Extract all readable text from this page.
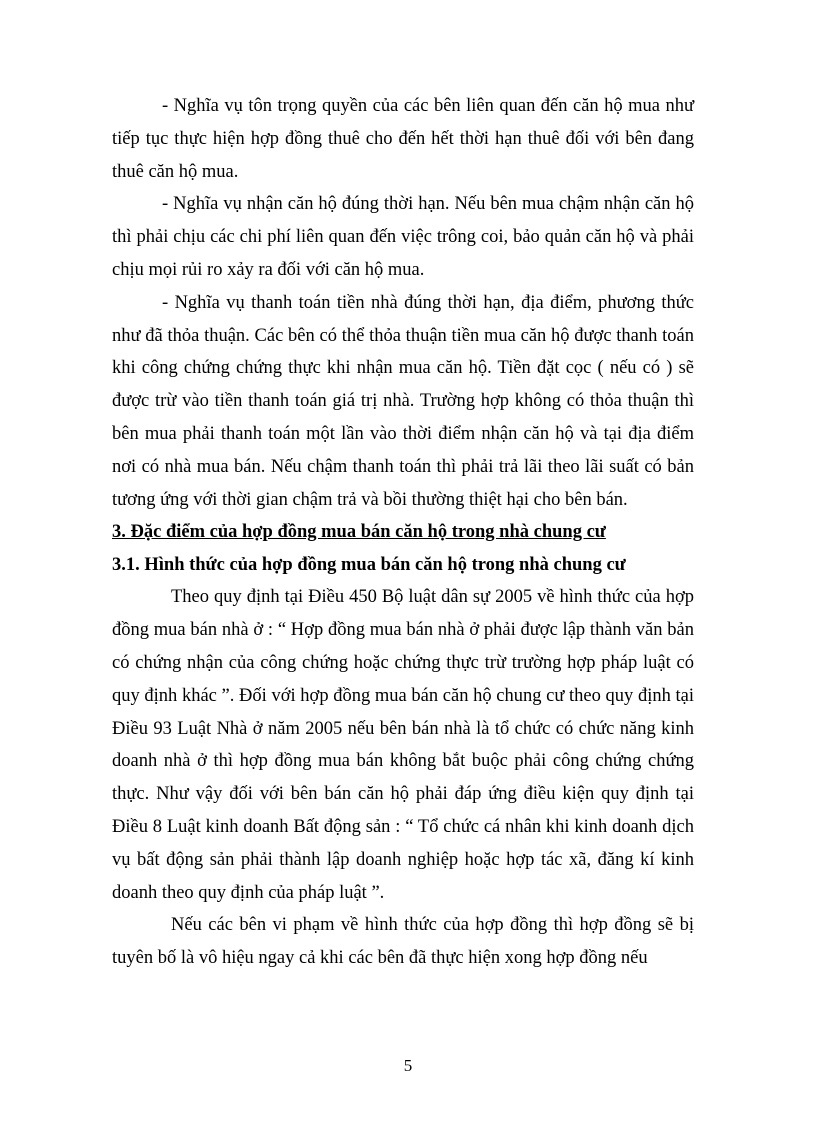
- Nghĩa vụ tôn trọng quyền của các bên liên quan đến căn hộ mua như tiếp tục thực hiện hợp đồng thuê cho đến hết thời hạn thuê đối với bên đang thuê căn hộ mua.

- Nghĩa vụ nhận căn hộ đúng thời hạn. Nếu bên mua chậm nhận căn hộ thì phải chịu các chi phí liên quan đến việc trông coi, bảo quản căn hộ và phải chịu mọi rủi ro xảy ra đối với căn hộ mua.

- Nghĩa vụ thanh toán tiền nhà đúng thời hạn, địa điểm, phương thức như đã thỏa thuận. Các bên có thể thỏa thuận tiền mua căn hộ được thanh toán khi công chứng chứng thực khi nhận mua căn hộ. Tiền đặt cọc ( nếu có ) sẽ được trừ vào tiền thanh toán giá trị nhà. Trường hợp không có thỏa thuận thì bên mua phải thanh toán một lần vào thời điểm nhận căn hộ và tại địa điểm nơi có nhà mua bán. Nếu chậm thanh toán thì phải trả lãi theo lãi suất có bản tương ứng với thời gian chậm trả và bồi thường thiệt hại cho bên bán.

3. Đặc điểm của hợp đồng mua bán căn hộ trong nhà chung cư
3.1. Hình thức của hợp đồng mua bán căn hộ trong nhà chung cư

Theo quy định tại Điều 450 Bộ luật dân sự 2005 về hình thức của hợp đồng mua bán nhà ở : “ Hợp đồng mua bán nhà ở phải được lập thành văn bản có chứng nhận của công chứng hoặc chứng thực trừ trường hợp pháp luật có quy định khác ”. Đối với hợp đồng mua bán căn hộ chung cư theo quy định tại Điều 93 Luật Nhà ở năm 2005 nếu bên bán nhà là tổ chức có chức năng kinh doanh nhà ở thì hợp đồng mua bán không bắt buộc phải công chứng chứng thực. Như vậy đối với bên bán căn hộ phải đáp ứng điều kiện quy định tại Điều 8 Luật kinh doanh Bất động sản : “ Tổ chức cá nhân khi kinh doanh dịch vụ bất động sản phải thành lập doanh nghiệp hoặc hợp tác xã, đăng kí kinh doanh theo quy định của pháp luật ”.

Nếu các bên vi phạm về hình thức của hợp đồng thì hợp đồng sẽ bị tuyên bố là vô hiệu ngay cả khi các bên đã thực hiện xong hợp đồng nếu

5
